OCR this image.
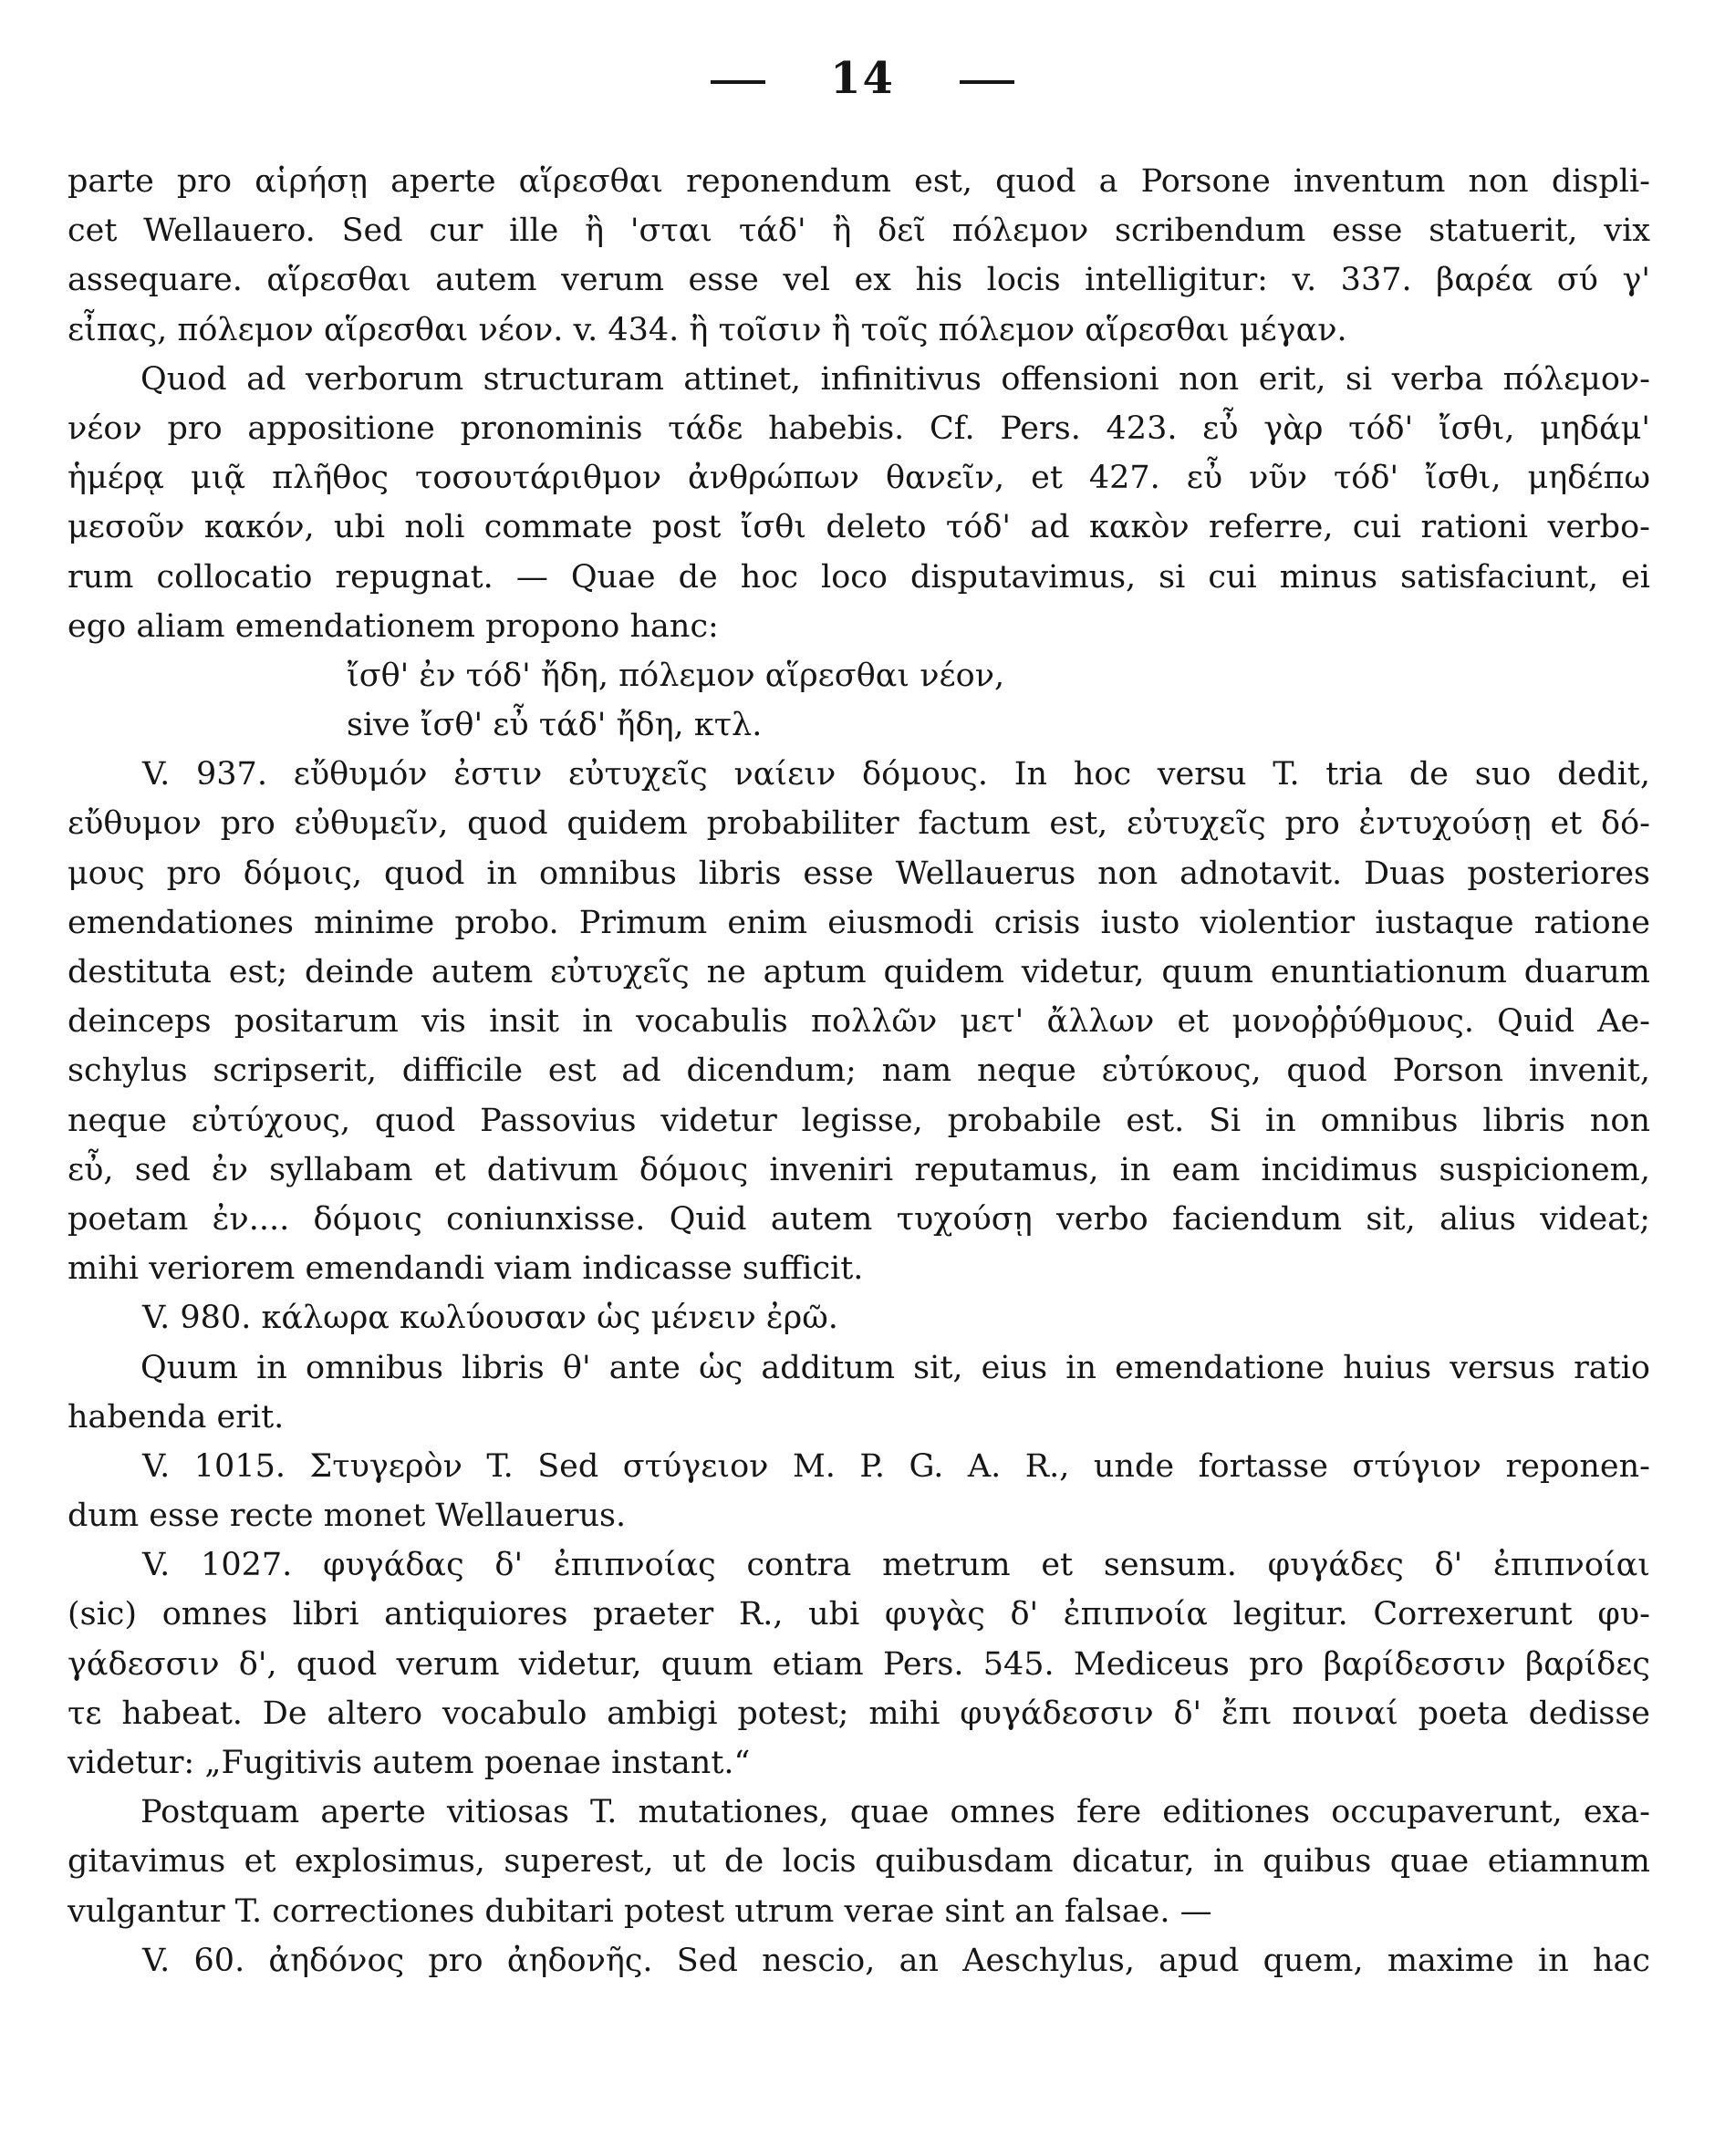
14
parte pro αἱρήσῃ aperte αἵρεσθαι reponendum est, quod a Porsone inventum non displi-
cet Wellauero. Sed cur ille ἢ 'σται τάδ' ἢ δεῖ πόλεμον scribendum esse statuerit, vix
assequare. αἵρεσθαι autem verum esse vel ex his locis intelligitur: v. 337. βαρέα σύ γ'
εἶπας, πόλεμον αἵρεσθαι νέον. v. 434. ἢ τοῖσιν ἢ τοῖς πόλεμον αἵρεσθαι μέγαν.
Quod ad verborum structuram attinet, infinitivus offensioni non erit, si verba πόλεμον-
νέον pro appositione pronominis τάδε habebis. Cf. Pers. 423. εὖ γὰρ τόδ' ἴσθι, μηδάμ'
ἡμέρᾳ μιᾷ πλῆθος τοσουτάριθμον ἀνθρώπων θανεῖν, et 427. εὖ νῦν τόδ' ἴσθι, μηδέπω
μεσοῦν κακόν, ubi noli commate post ἴσθι deleto τόδ' ad κακὸν referre, cui rationi verbo-
rum collocatio repugnat. — Quae de hoc loco disputavimus, si cui minus satisfaciunt, ei
ego aliam emendationem propono hanc:
ἴσθ' ἐν τόδ' ἤδη, πόλεμον αἵρεσθαι νέον,
sive ἴσθ' εὖ τάδ' ἤδη, κτλ.
V. 937. εὔθυμόν ἐστιν εὐτυχεῖς ναίειν δόμους. In hoc versu T. tria de suo dedit,
εὔθυμον pro εὐθυμεῖν, quod quidem probabiliter factum est, εὐτυχεῖς pro ἐντυχούσῃ et δό-
μους pro δόμοις, quod in omnibus libris esse Wellauerus non adnotavit. Duas posteriores
emendationes minime probo. Primum enim eiusmodi crisis iusto violentior iustaque ratione
destituta est; deinde autem εὐτυχεῖς ne aptum quidem videtur, quum enuntiationum duarum
deinceps positarum vis insit in vocabulis πολλῶν μετ' ἄλλων et μονοῤῥύθμους. Quid Ae-
schylus scripserit, difficile est ad dicendum; nam neque εὐτύκους, quod Porson invenit,
neque εὐτύχους, quod Passovius videtur legisse, probabile est. Si in omnibus libris non
εὖ, sed ἐν syllabam et dativum δόμοις inveniri reputamus, in eam incidimus suspicionem,
poetam ἐν.... δόμοις coniunxisse. Quid autem τυχούσῃ verbo faciendum sit, alius videat;
mihi veriorem emendandi viam indicasse sufficit.
V. 980. κάλωρα κωλύουσαν ὡς μένειν ἐρῶ.
Quum in omnibus libris θ' ante ὡς additum sit, eius in emendatione huius versus ratio
habenda erit.
V. 1015. Στυγερὸν T. Sed στύγειον M. P. G. A. R., unde fortasse στύγιον reponen-
dum esse recte monet Wellauerus.
V. 1027. φυγάδας δ' ἐπιπνοίας contra metrum et sensum. φυγάδες δ' ἐπιπνοίαι
(sic) omnes libri antiquiores praeter R., ubi φυγὰς δ' ἐπιπνοία legitur. Correxerunt φυ-
γάδεσσιν δ', quod verum videtur, quum etiam Pers. 545. Mediceus pro βαρίδεσσιν βαρίδες
τε habeat. De altero vocabulo ambigi potest; mihi φυγάδεσσιν δ' ἔπι ποιναί poeta dedisse
videtur: „Fugitivis autem poenae instant.“
Postquam aperte vitiosas T. mutationes, quae omnes fere editiones occupaverunt, exa-
gitavimus et explosimus, superest, ut de locis quibusdam dicatur, in quibus quae etiamnum
vulgantur T. correctiones dubitari potest utrum verae sint an falsae. —
V. 60. ἀηδόνος pro ἀηδονῆς. Sed nescio, an Aeschylus, apud quem, maxime in hac
